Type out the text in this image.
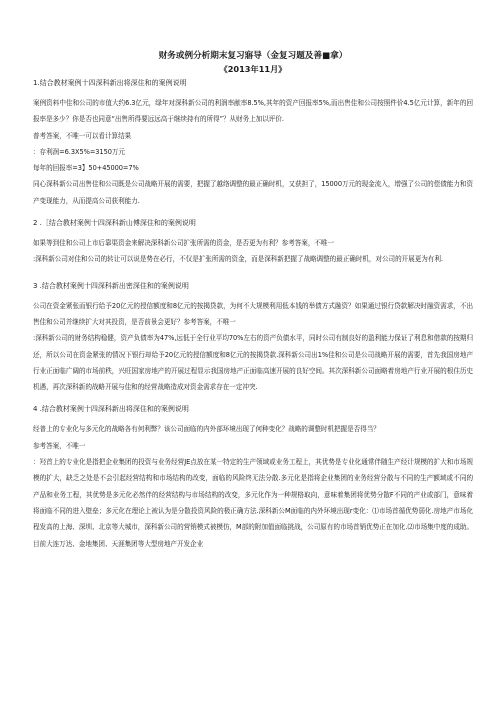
财务或例分析期末复习寤导（金复习题及善■拿）
《2013年11月》
1.结合教材案例十四深科新出将深住和的案例说明

案例资料中佳和公司的市值大约6.3亿元，绿年对深科新公司的利润率献率8.5%,其年的资产回报率5%,而出售佳和公司按照件价4.5亿元计算，新年的回报率是多少？你是否也同意“出售所得要远远高于继续持有的所得”？从财务上加以评价.

普考答案，不唯一可以看计算结果

：存利润=6.3X5%=3150万元

每年的回报率=3】50+45000=7%

同心深科新公司出售佳和公司既是公司战略开展的需要，把握了越络调整的最正确时机，又获担了，15000万元的现金流入，增强了公司的偿债能力和资产变现能力，从而提高公司获利能力.

2 .［结合教材案例十四深科新山傅深住和的案例说明

如果等到佳和公司上市后靠渠资金来解决深科新公司扩张所需的资金，是否更为有利？参考答案，不唯一

:深科新公司对佳和公司的转让可以说是势在必行，不仅是扩张所需的资金，而是深科新把握了战略调整的最正确时机，对公司的开展更为有利.

3 .结合教材案例十四深科新出密深住和的案例说明

公司在资金紧张而银行给予20亿元的授信额度和8亿元的按揭贷款，为何不大规模利用低本钱的举债方式融资？如果通过银行贷款解决时融资需求，不出售佳和公司并继续扩大对其投资，是否前景会更好？参考答案，不唯一

:深科新公司的财务结构稳健，资产负债率为47%,远低于全行业平均70%左右的资产负债水平，同时公司有制良好的盈利能力保证了利息和借款的按期归还，所以公司在资金紧张的情况下银行却给予20亿元的授信额度和8亿元的按揭贷款.深科新公司出1%佳和公司是公司战略开展的需要，首先我国房地产行业正面临广阔的市场前秩，兴旺国家房地产的开展过程显示我国房地产正面临高速开展的良好空间。其次深科新公司面略着房地产行业开展的根住历史机遇，再次深科新的战略开展与佳和的经营战略造成对资金需求存在一定冲突.

4 .结合教材案例十四深科新出将深住和的案例说明

经普上的专业化与多元化的战略各有何利弊？该公司面临的内外部环境出现了何种变化？战略的调整时机把握是否得当？

参考答案，不唯一

：羟首上的专业化是指把企业集团的投资与业务经营JE点放在某一特定的生产领域或业务工程上，其优势是专业化通常伴随生产经计规模的扩大和市场规模的扩大，缺乏之处是不会引起经营结构和市场结构的改变，面临的风险终无法分散.多元化是指将企业集团的业务经营分散与不同的生产额域或不同的产品和业务工程，其优势是多元化必然伴的经营结构与市场结构的改变，多元化作为一种规格取向，意味着集团将优势分散F不同的产业或部门，意味着将面临不同的进入壁垒；多元化在理论上被认为是分散投资风险的极正确方法.深科新公M面临的内外环境出现r变化：⑴市场首循优势弱化.房地产市场化程发高的上海、深圳、北京等大城市，深科新公司的营销模式被模仿，M部的附加值面临挑战，公司原有的市场首销优势正在加化.⑵市场集中度的成助。目前大连万达、金地集团、天涯集团等大型房地产开发企业
